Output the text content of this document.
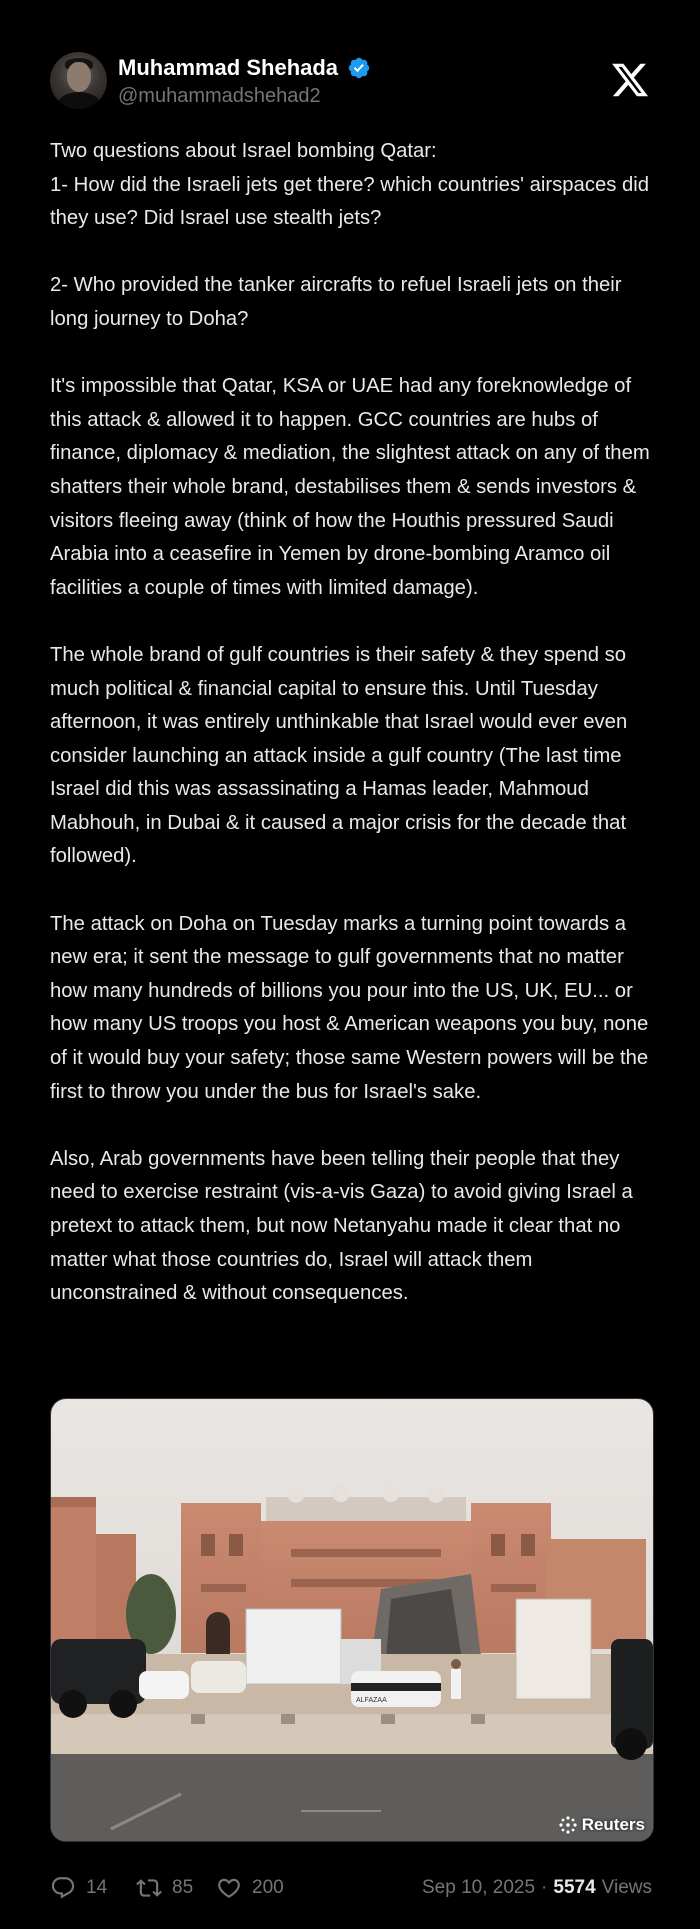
Muhammad Shehada
@muhammadshehad2

Two questions about Israel bombing Qatar:
1- How did the Israeli jets get there? which countries' airspaces did they use? Did Israel use stealth jets?

2- Who provided the tanker aircrafts to refuel Israeli jets on their long journey to Doha?

It's impossible that Qatar, KSA or UAE had any foreknowledge of this attack & allowed it to happen. GCC countries are hubs of finance, diplomacy & mediation, the slightest attack on any of them shatters their whole brand, destabilises them & sends investors & visitors fleeing away (think of how the Houthis pressured Saudi Arabia into a ceasefire in Yemen by drone-bombing Aramco oil facilities a couple of times with limited damage).

The whole brand of gulf countries is their safety & they spend so much political & financial capital to ensure this. Until Tuesday afternoon, it was entirely unthinkable that Israel would ever even consider launching an attack inside a gulf country (The last time Israel did this was assassinating a Hamas leader, Mahmoud Mabhouh, in Dubai & it caused a major crisis for the decade that followed).

The attack on Doha on Tuesday marks a turning point towards a new era; it sent the message to gulf governments that no matter how many hundreds of billions you pour into the US, UK, EU... or how many US troops you host & American weapons you buy, none of it would buy your safety; those same Western powers will be the first to throw you under the bus for Israel's sake.

Also, Arab governments have been telling their people that they need to exercise restraint (vis-a-vis Gaza) to avoid giving Israel a pretext to attack them, but now Netanyahu made it clear that no matter what those countries do, Israel will attack them unconstrained & without consequences.

ALFAZAA
Reuters
14	85	200	Sep 10, 2025 · 5574 Views
